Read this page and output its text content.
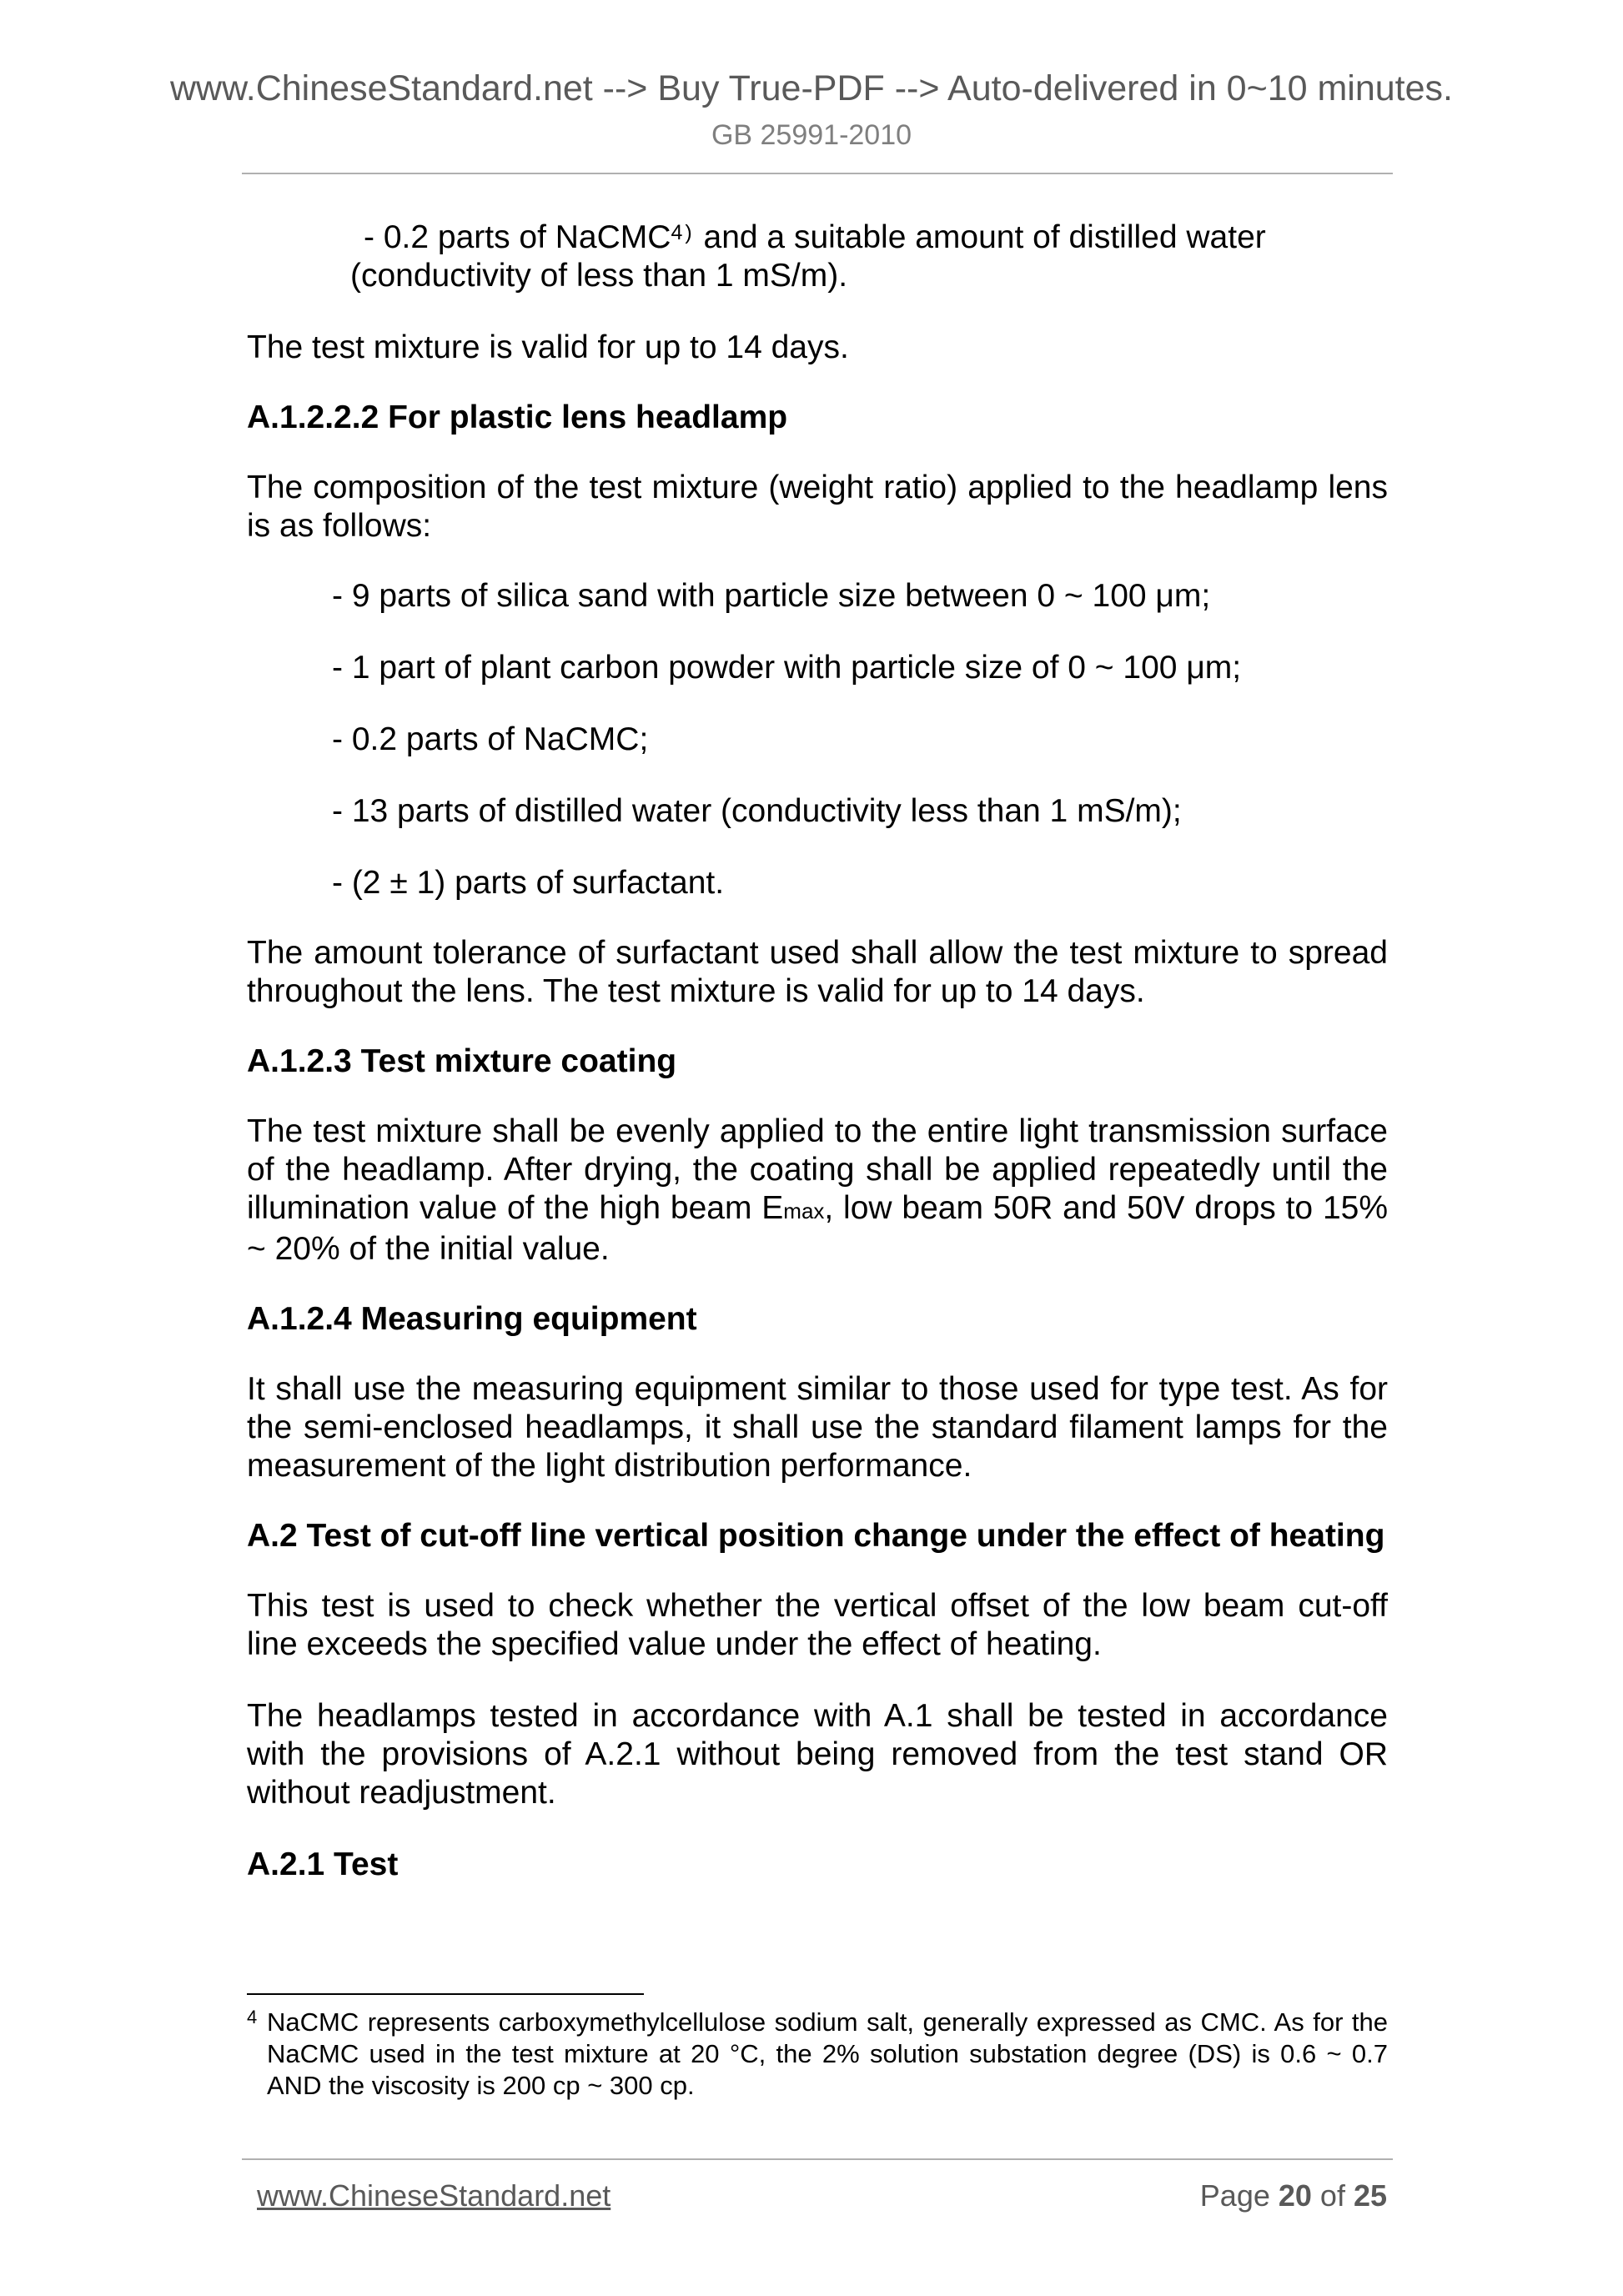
www.ChineseStandard.net --> Buy True-PDF --> Auto-delivered in 0~10 minutes.

GB 25991-2010

- 0.2 parts of NaCMC$^{4)}$ and a suitable amount of distilled water

(conductivity of less than 1 mS/m).

The test mixture is valid for up to 14 days.

A.1.2.2.2 For plastic lens headlamp

The composition of the test mixture (weight ratio) applied to the headlamp lens is as follows:

- 9 parts of silica sand with particle size between 0 ~ 100 μm;

- 1 part of plant carbon powder with particle size of 0 ~ 100 μm;

- 0.2 parts of NaCMC;

- 13 parts of distilled water (conductivity less than 1 mS/m);

- (2 ± 1) parts of surfactant.

The amount tolerance of surfactant used shall allow the test mixture to spread throughout the lens. The test mixture is valid for up to 14 days.

A.1.2.3 Test mixture coating

The test mixture shall be evenly applied to the entire light transmission surface of the headlamp. After drying, the coating shall be applied repeatedly until the illumination value of the high beam Emax, low beam 50R and 50V drops to 15% ~ 20% of the initial value.

A.1.2.4 Measuring equipment

It shall use the measuring equipment similar to those used for type test. As for the semi-enclosed headlamps, it shall use the standard filament lamps for the measurement of the light distribution performance.

A.2 Test of cut-off line vertical position change under the effect of heating

This test is used to check whether the vertical offset of the low beam cut-off line exceeds the specified value under the effect of heating.

The headlamps tested in accordance with A.1 shall be tested in accordance with the provisions of A.2.1 without being removed from the test stand OR without readjustment.

A.2.1 Test
4 NaCMC represents carboxymethylcellulose sodium salt, generally expressed as CMC. As for the NaCMC used in the test mixture at 20 °C, the 2% solution substation degree (DS) is 0.6 ~ 0.7 AND the viscosity is 200 cp ~ 300 cp.

www.ChineseStandard.net	Page 20 of 25
